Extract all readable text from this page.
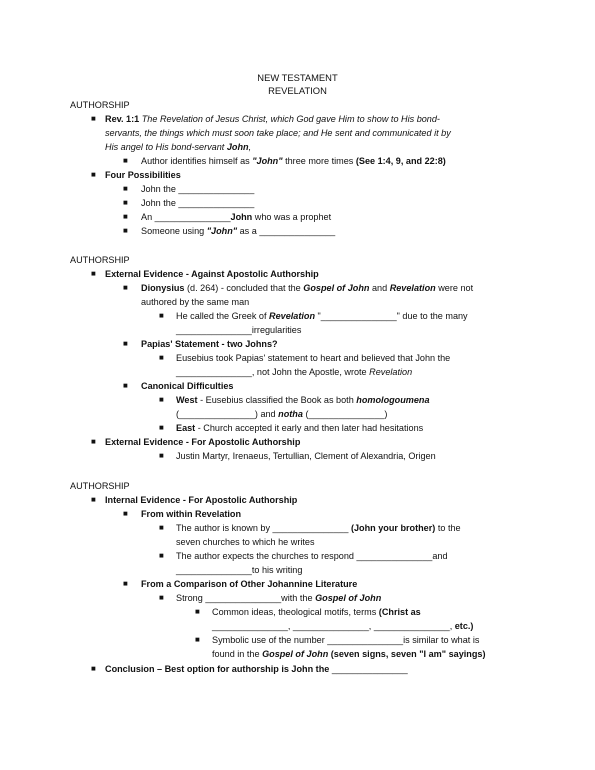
NEW TESTAMENT
REVELATION
AUTHORSHIP
■ Rev. 1:1 The Revelation of Jesus Christ, which God gave Him to show to His bond-
servants, the things which must soon take place; and He sent and communicated it by
His angel to His bond-servant John,
■ Author identifies himself as "John" three more times (See 1:4, 9, and 22:8)
■ Four Possibilities
■ John the _______________
■ John the _______________
■ An _______________John who was a prophet
■ Someone using "John" as a _______________
AUTHORSHIP
■ External Evidence - Against Apostolic Authorship
■ Dionysius (d. 264) - concluded that the Gospel of John and Revelation were not
authored by the same man
■ He called the Greek of Revelation "_______________" due to the many
_______________irregularities
■ Papias' Statement - two Johns?
■ Eusebius took Papias' statement to heart and believed that John the
_______________, not John the Apostle, wrote Revelation
■ Canonical Difficulties
■ West - Eusebius classified the Book as both homologoumena
(_______________) and notha (_______________)
■ East - Church accepted it early and then later had hesitations
■ External Evidence - For Apostolic Authorship
■ Justin Martyr, Irenaeus, Tertullian, Clement of Alexandria, Origen
AUTHORSHIP
■ Internal Evidence - For Apostolic Authorship
■ From within Revelation
■ The author is known by _______________ (John your brother) to the
seven churches to which he writes
■ The author expects the churches to respond _______________and
_______________to his writing
■ From a Comparison of Other Johannine Literature
■ Strong _______________with the Gospel of John
■ Common ideas, theological motifs, terms (Christ as
_______________, _______________, _______________, etc.)
■ Symbolic use of the number _______________is similar to what is
found in the Gospel of John (seven signs, seven "I am" sayings)
■ Conclusion – Best option for authorship is John the _______________
